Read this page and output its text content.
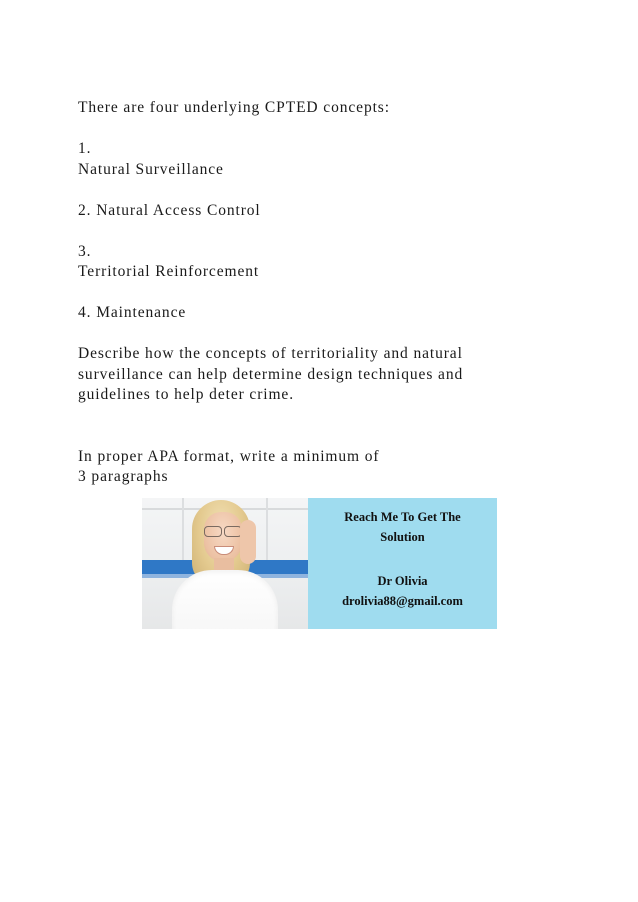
There are four underlying CPTED concepts:

1.

Natural Surveillance

2. Natural Access Control

3.

Territorial Reinforcement

4. Maintenance

Describe how the concepts of territoriality and natural

surveillance can help determine design techniques and

guidelines to help deter crime.

In proper APA format, write a minimum of

3 paragraphs

Reach Me To Get The
Solution
Dr Olivia
drolivia88@gmail.com
